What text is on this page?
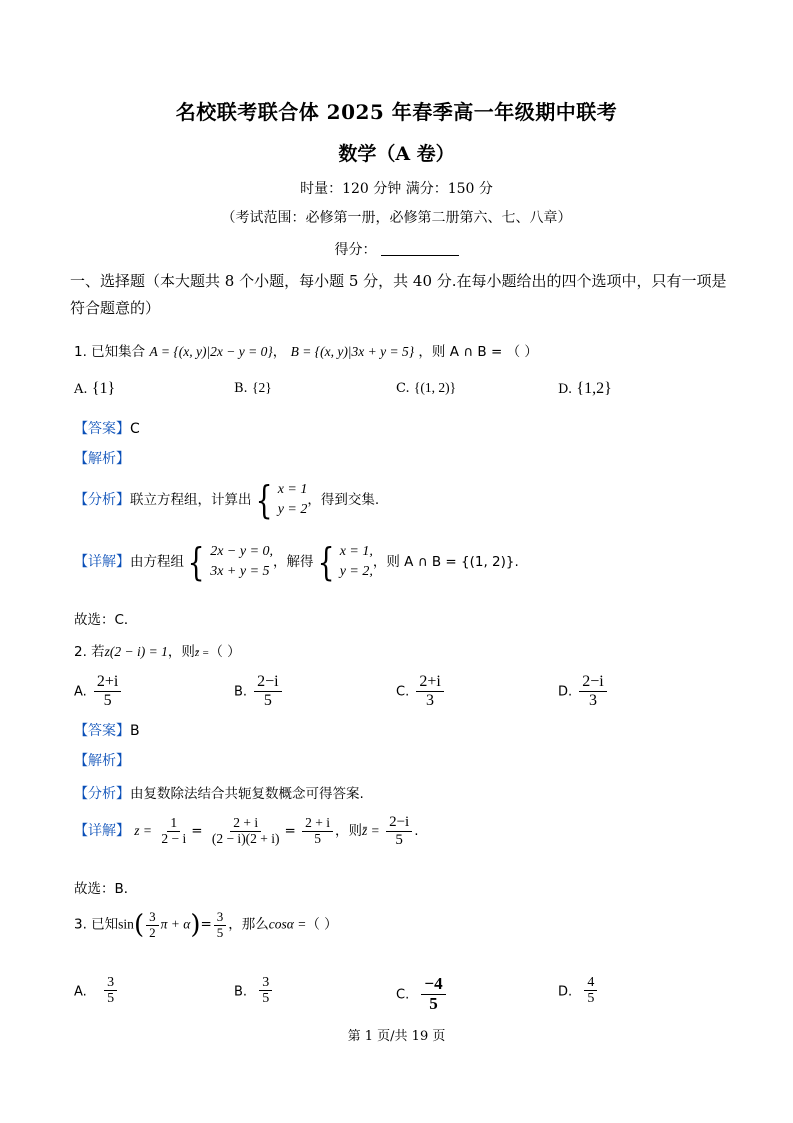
名校联考联合体 2025 年春季高一年级期中联考
数学（A 卷）
时量：120 分钟 满分：150 分
（考试范围：必修第一册，必修第二册第六、七、八章）
得分：
一、选择题（本大题共 8 个小题，每小题 5 分，共 40 分.在每小题给出的四个选项中，只有一项是符合题意的）
1. 已知集合 A = {(x, y)|2x − y = 0}， B = {(x, y)|3x + y = 5} ，则 A ∩ B = （ ）
A. {1}	B. {2}	C. {(1, 2)}	D. {1,2}
【答案】C
【解析】
【分析】联立方程组，计算出 { x = 1
y = 2
，得到交集.
【详解】由方程组 { 2x − y = 0,
3x + y = 5
，解得 { x = 1,
y = 2,
，则 A ∩ B = {(1, 2)}.
故选：C．
2. 若z(2 − i) = 1，则z̄ =（ ）
A. $\frac{2+i}{5}$	B. $\frac{2-i}{5}$	C. $\frac{2+i}{3}$	D. $\frac{2-i}{3}$
【答案】B
【解析】
【分析】由复数除法结合共轭复数概念可得答案.
【详解】 $z = \frac{1}{2 - i} = \frac{2 + i}{(2 - i)(2 + i)} = \frac{2 + i}{5}$ ，则z̄ = $\frac{2-i}{5}$ .
故选：B．
3. 已知$\sin( \frac{3}{2}$ $\pi + \alpha)= \frac{3}{5}$ ，那么cosα =（ ）
A. $\frac{3}{5}$	B. $\frac{3}{5}$	C. $\frac{-4}{5}$	D. $\frac{4}{5}$
第 1 页/共 19 页
